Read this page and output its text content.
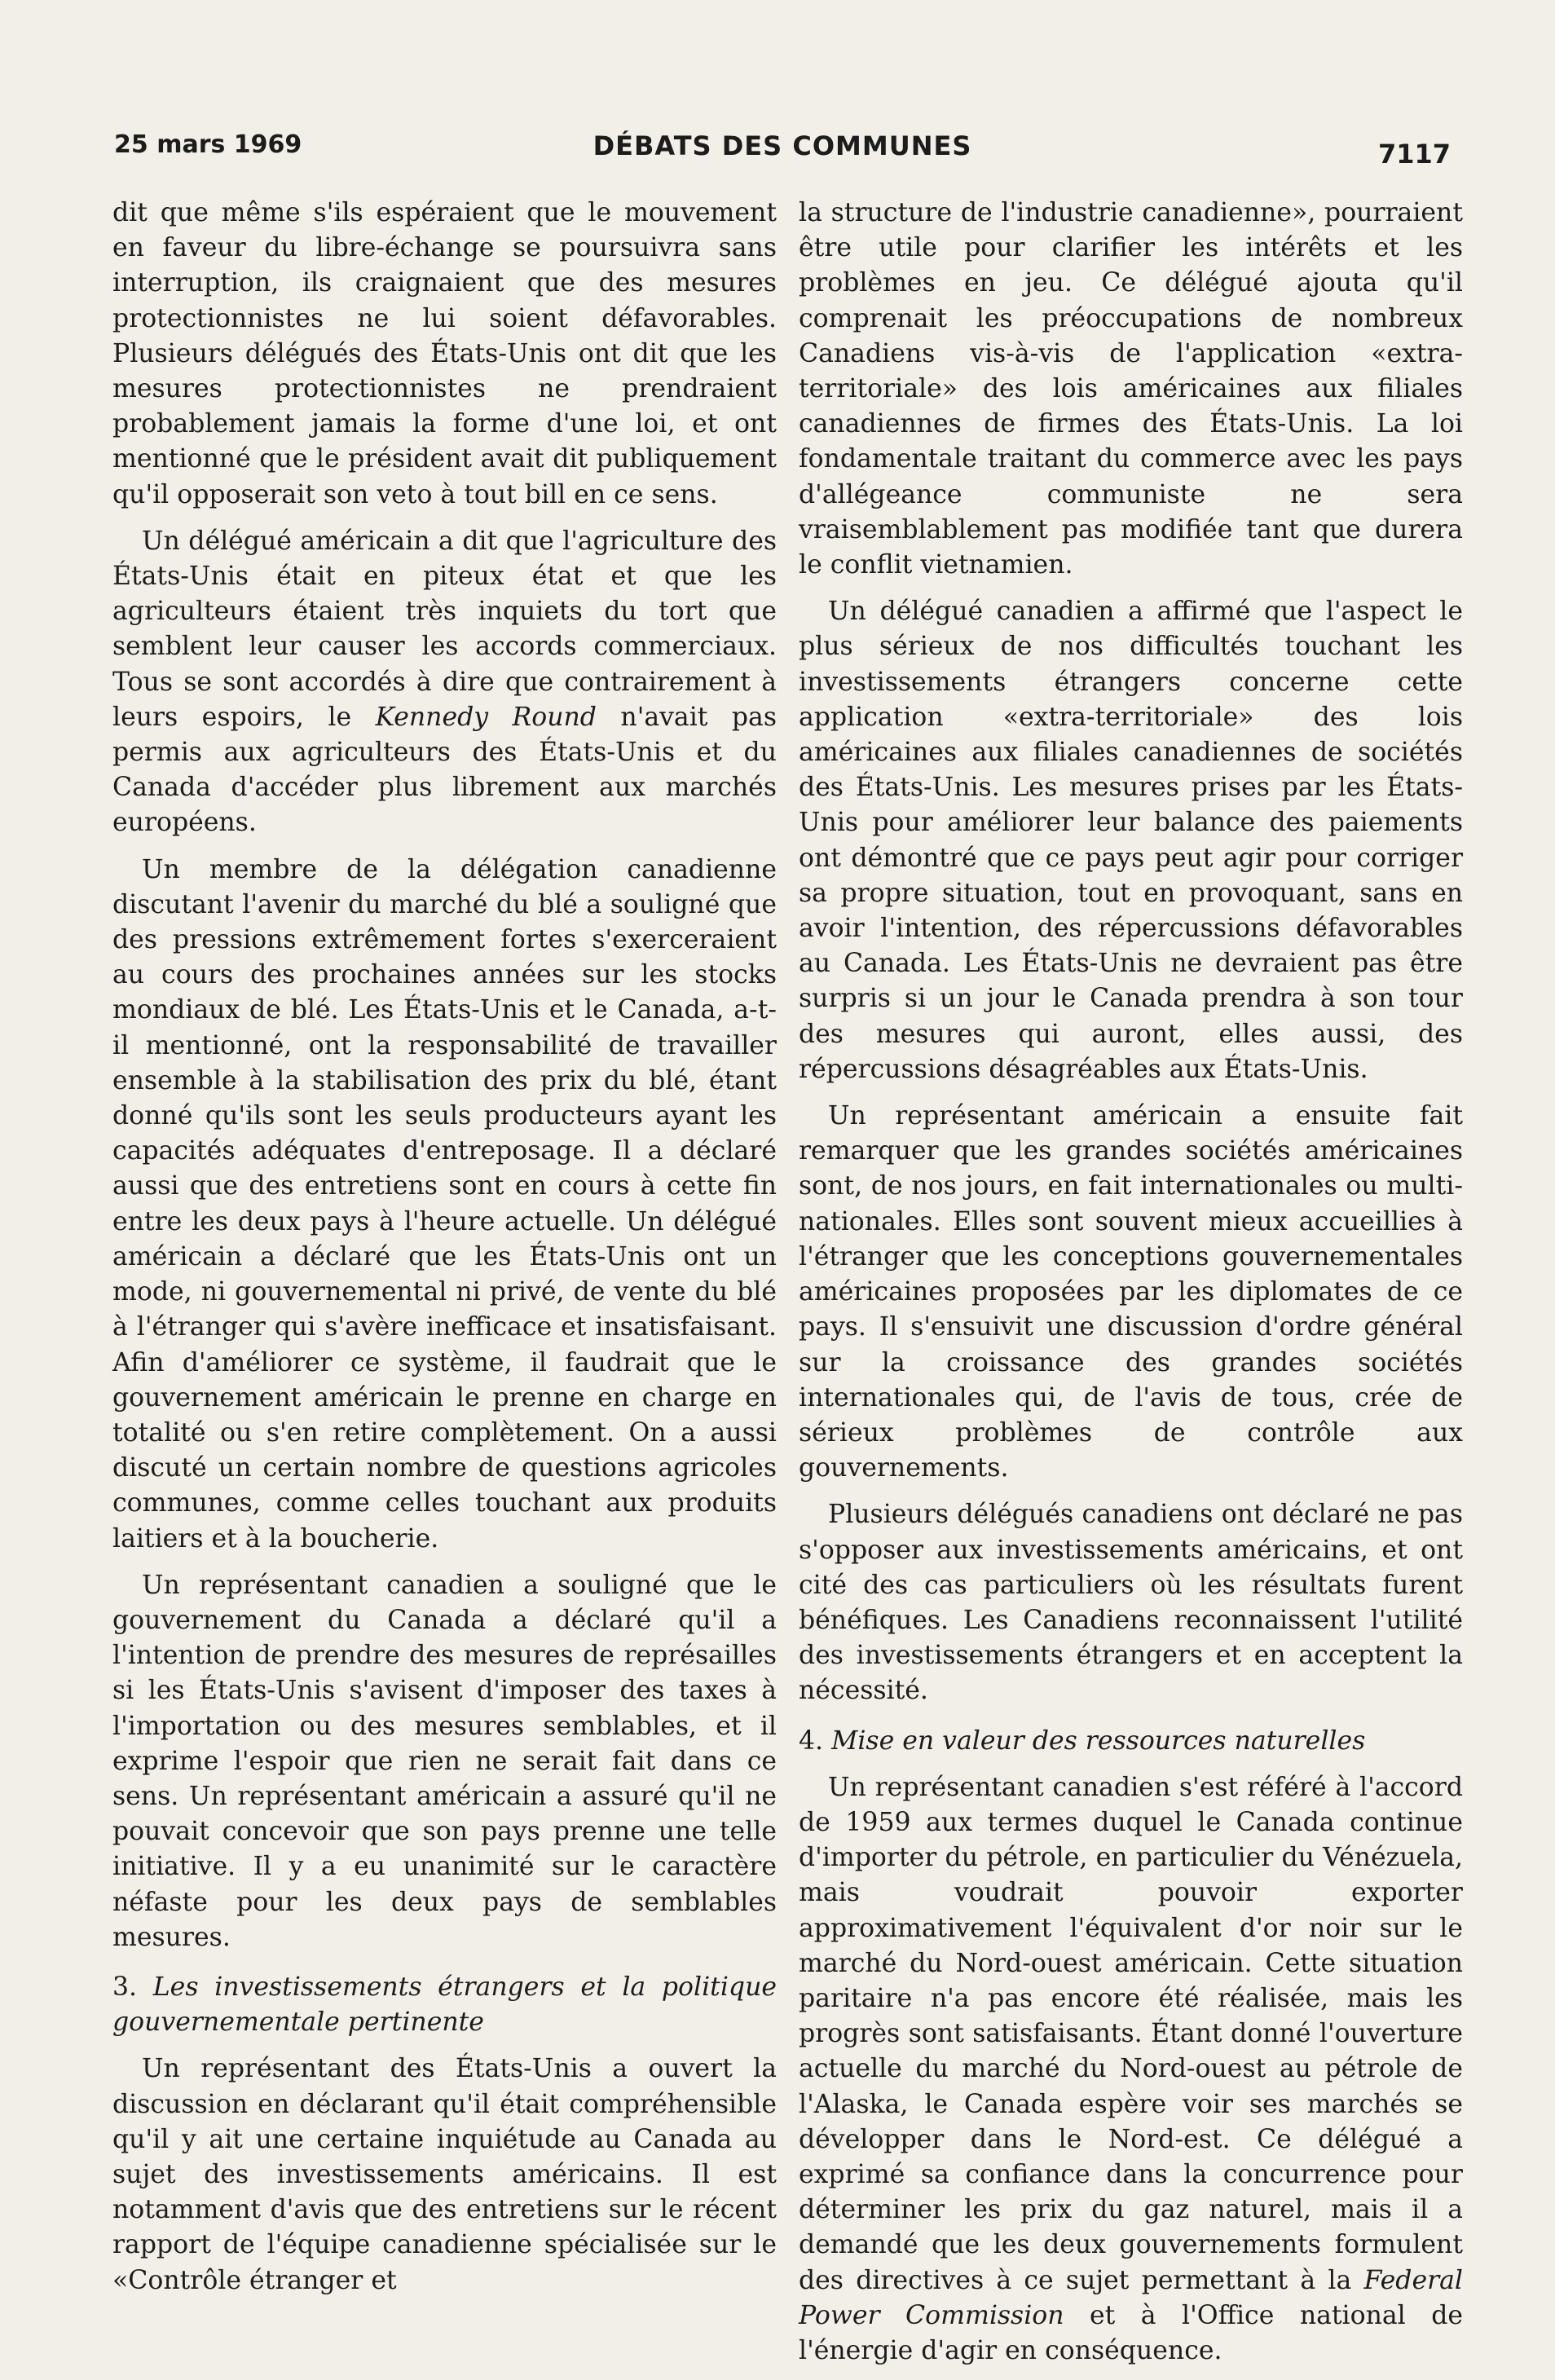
25 mars 1969	DÉBATS DES COMMUNES	7117

dit que même s'ils espéraient que le mouvement en faveur du libre-échange se poursuivra sans interruption, ils craignaient que des mesures protectionnistes ne lui soient défavorables. Plusieurs délégués des États-Unis ont dit que les mesures protectionnistes ne prendraient probablement jamais la forme d'une loi, et ont mentionné que le président avait dit publiquement qu'il opposerait son veto à tout bill en ce sens.

Un délégué américain a dit que l'agriculture des États-Unis était en piteux état et que les agriculteurs étaient très inquiets du tort que semblent leur causer les accords commerciaux. Tous se sont accordés à dire que contrairement à leurs espoirs, le Kennedy Round n'avait pas permis aux agriculteurs des États-Unis et du Canada d'accéder plus librement aux marchés européens.

Un membre de la délégation canadienne discutant l'avenir du marché du blé a souligné que des pressions extrêmement fortes s'exerceraient au cours des prochaines années sur les stocks mondiaux de blé. Les États-Unis et le Canada, a-t-il mentionné, ont la responsabilité de travailler ensemble à la stabilisation des prix du blé, étant donné qu'ils sont les seuls producteurs ayant les capacités adéquates d'entreposage. Il a déclaré aussi que des entretiens sont en cours à cette fin entre les deux pays à l'heure actuelle. Un délégué américain a déclaré que les États-Unis ont un mode, ni gouvernemental ni privé, de vente du blé à l'étranger qui s'avère inefficace et insatisfaisant. Afin d'améliorer ce système, il faudrait que le gouvernement américain le prenne en charge en totalité ou s'en retire complètement. On a aussi discuté un certain nombre de questions agricoles communes, comme celles touchant aux produits laitiers et à la boucherie.

Un représentant canadien a souligné que le gouvernement du Canada a déclaré qu'il a l'intention de prendre des mesures de représailles si les États-Unis s'avisent d'imposer des taxes à l'importation ou des mesures semblables, et il exprime l'espoir que rien ne serait fait dans ce sens. Un représentant américain a assuré qu'il ne pouvait concevoir que son pays prenne une telle initiative. Il y a eu unanimité sur le caractère néfaste pour les deux pays de semblables mesures.

3. Les investissements étrangers et la politique gouvernementale pertinente

Un représentant des États-Unis a ouvert la discussion en déclarant qu'il était compréhensible qu'il y ait une certaine inquiétude au Canada au sujet des investissements américains. Il est notamment d'avis que des entretiens sur le récent rapport de l'équipe canadienne spécialisée sur le «Contrôle étranger et

la structure de l'industrie canadienne», pourraient être utile pour clarifier les intérêts et les problèmes en jeu. Ce délégué ajouta qu'il comprenait les préoccupations de nombreux Canadiens vis-à-vis de l'application «extra-territoriale» des lois américaines aux filiales canadiennes de firmes des États-Unis. La loi fondamentale traitant du commerce avec les pays d'allégeance communiste ne sera vraisemblablement pas modifiée tant que durera le conflit vietnamien.

Un délégué canadien a affirmé que l'aspect le plus sérieux de nos difficultés touchant les investissements étrangers concerne cette application «extra-territoriale» des lois américaines aux filiales canadiennes de sociétés des États-Unis. Les mesures prises par les États-Unis pour améliorer leur balance des paiements ont démontré que ce pays peut agir pour corriger sa propre situation, tout en provoquant, sans en avoir l'intention, des répercussions défavorables au Canada. Les États-Unis ne devraient pas être surpris si un jour le Canada prendra à son tour des mesures qui auront, elles aussi, des répercussions désagréables aux États-Unis.

Un représentant américain a ensuite fait remarquer que les grandes sociétés américaines sont, de nos jours, en fait internationales ou multi-nationales. Elles sont souvent mieux accueillies à l'étranger que les conceptions gouvernementales américaines proposées par les diplomates de ce pays. Il s'ensuivit une discussion d'ordre général sur la croissance des grandes sociétés internationales qui, de l'avis de tous, crée de sérieux problèmes de contrôle aux gouvernements.

Plusieurs délégués canadiens ont déclaré ne pas s'opposer aux investissements américains, et ont cité des cas particuliers où les résultats furent bénéfiques. Les Canadiens reconnaissent l'utilité des investissements étrangers et en acceptent la nécessité.

4. Mise en valeur des ressources naturelles

Un représentant canadien s'est référé à l'accord de 1959 aux termes duquel le Canada continue d'importer du pétrole, en particulier du Vénézuela, mais voudrait pouvoir exporter approximativement l'équivalent d'or noir sur le marché du Nord-ouest américain. Cette situation paritaire n'a pas encore été réalisée, mais les progrès sont satisfaisants. Étant donné l'ouverture actuelle du marché du Nord-ouest au pétrole de l'Alaska, le Canada espère voir ses marchés se développer dans le Nord-est. Ce délégué a exprimé sa confiance dans la concurrence pour déterminer les prix du gaz naturel, mais il a demandé que les deux gouvernements formulent des directives à ce sujet permettant à la Federal Power Commission et à l'Office national de l'énergie d'agir en conséquence.
